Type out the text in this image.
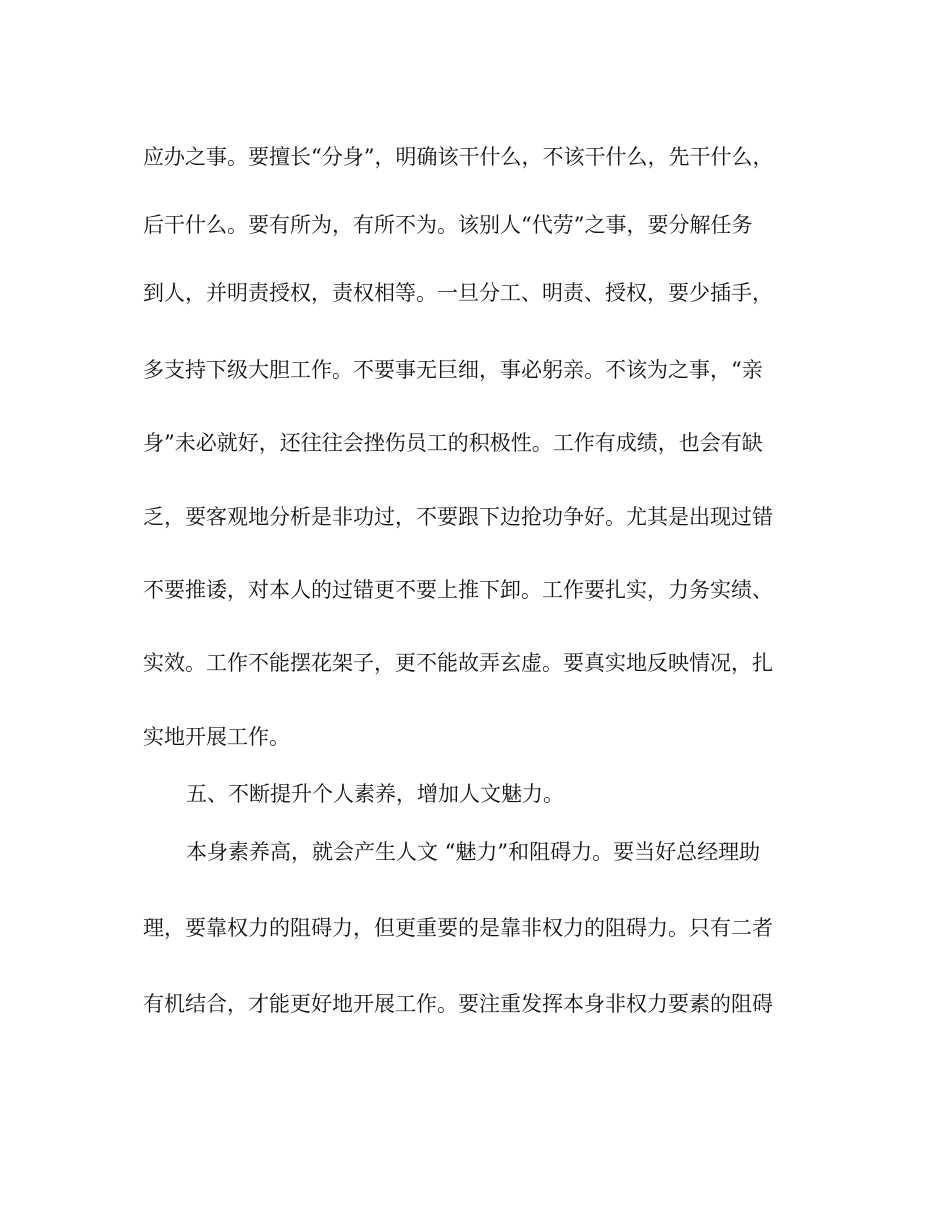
应办之事。要擅长“分身”，明确该干什么，不该干什么，先干什么，

后干什么。要有所为，有所不为。该别人“代劳”之事，要分解任务

到人，并明责授权，责权相等。一旦分工、明责、授权，要少插手，

多支持下级大胆工作。不要事无巨细，事必躬亲。不该为之事，“亲

身”未必就好，还往往会挫伤员工的积极性。工作有成绩，也会有缺

乏，要客观地分析是非功过，不要跟下边抢功争好。尤其是出现过错

不要推诿，对本人的过错更不要上推下卸。工作要扎实，力务实绩、

实效。工作不能摆花架子，更不能故弄玄虚。要真实地反映情况，扎

实地开展工作。

五、不断提升个人素养，增加人文魅力。

本身素养高，就会产生人文 “魅力”和阻碍力。要当好总经理助

理，要靠权力的阻碍力，但更重要的是靠非权力的阻碍力。只有二者

有机结合，才能更好地开展工作。要注重发挥本身非权力要素的阻碍
